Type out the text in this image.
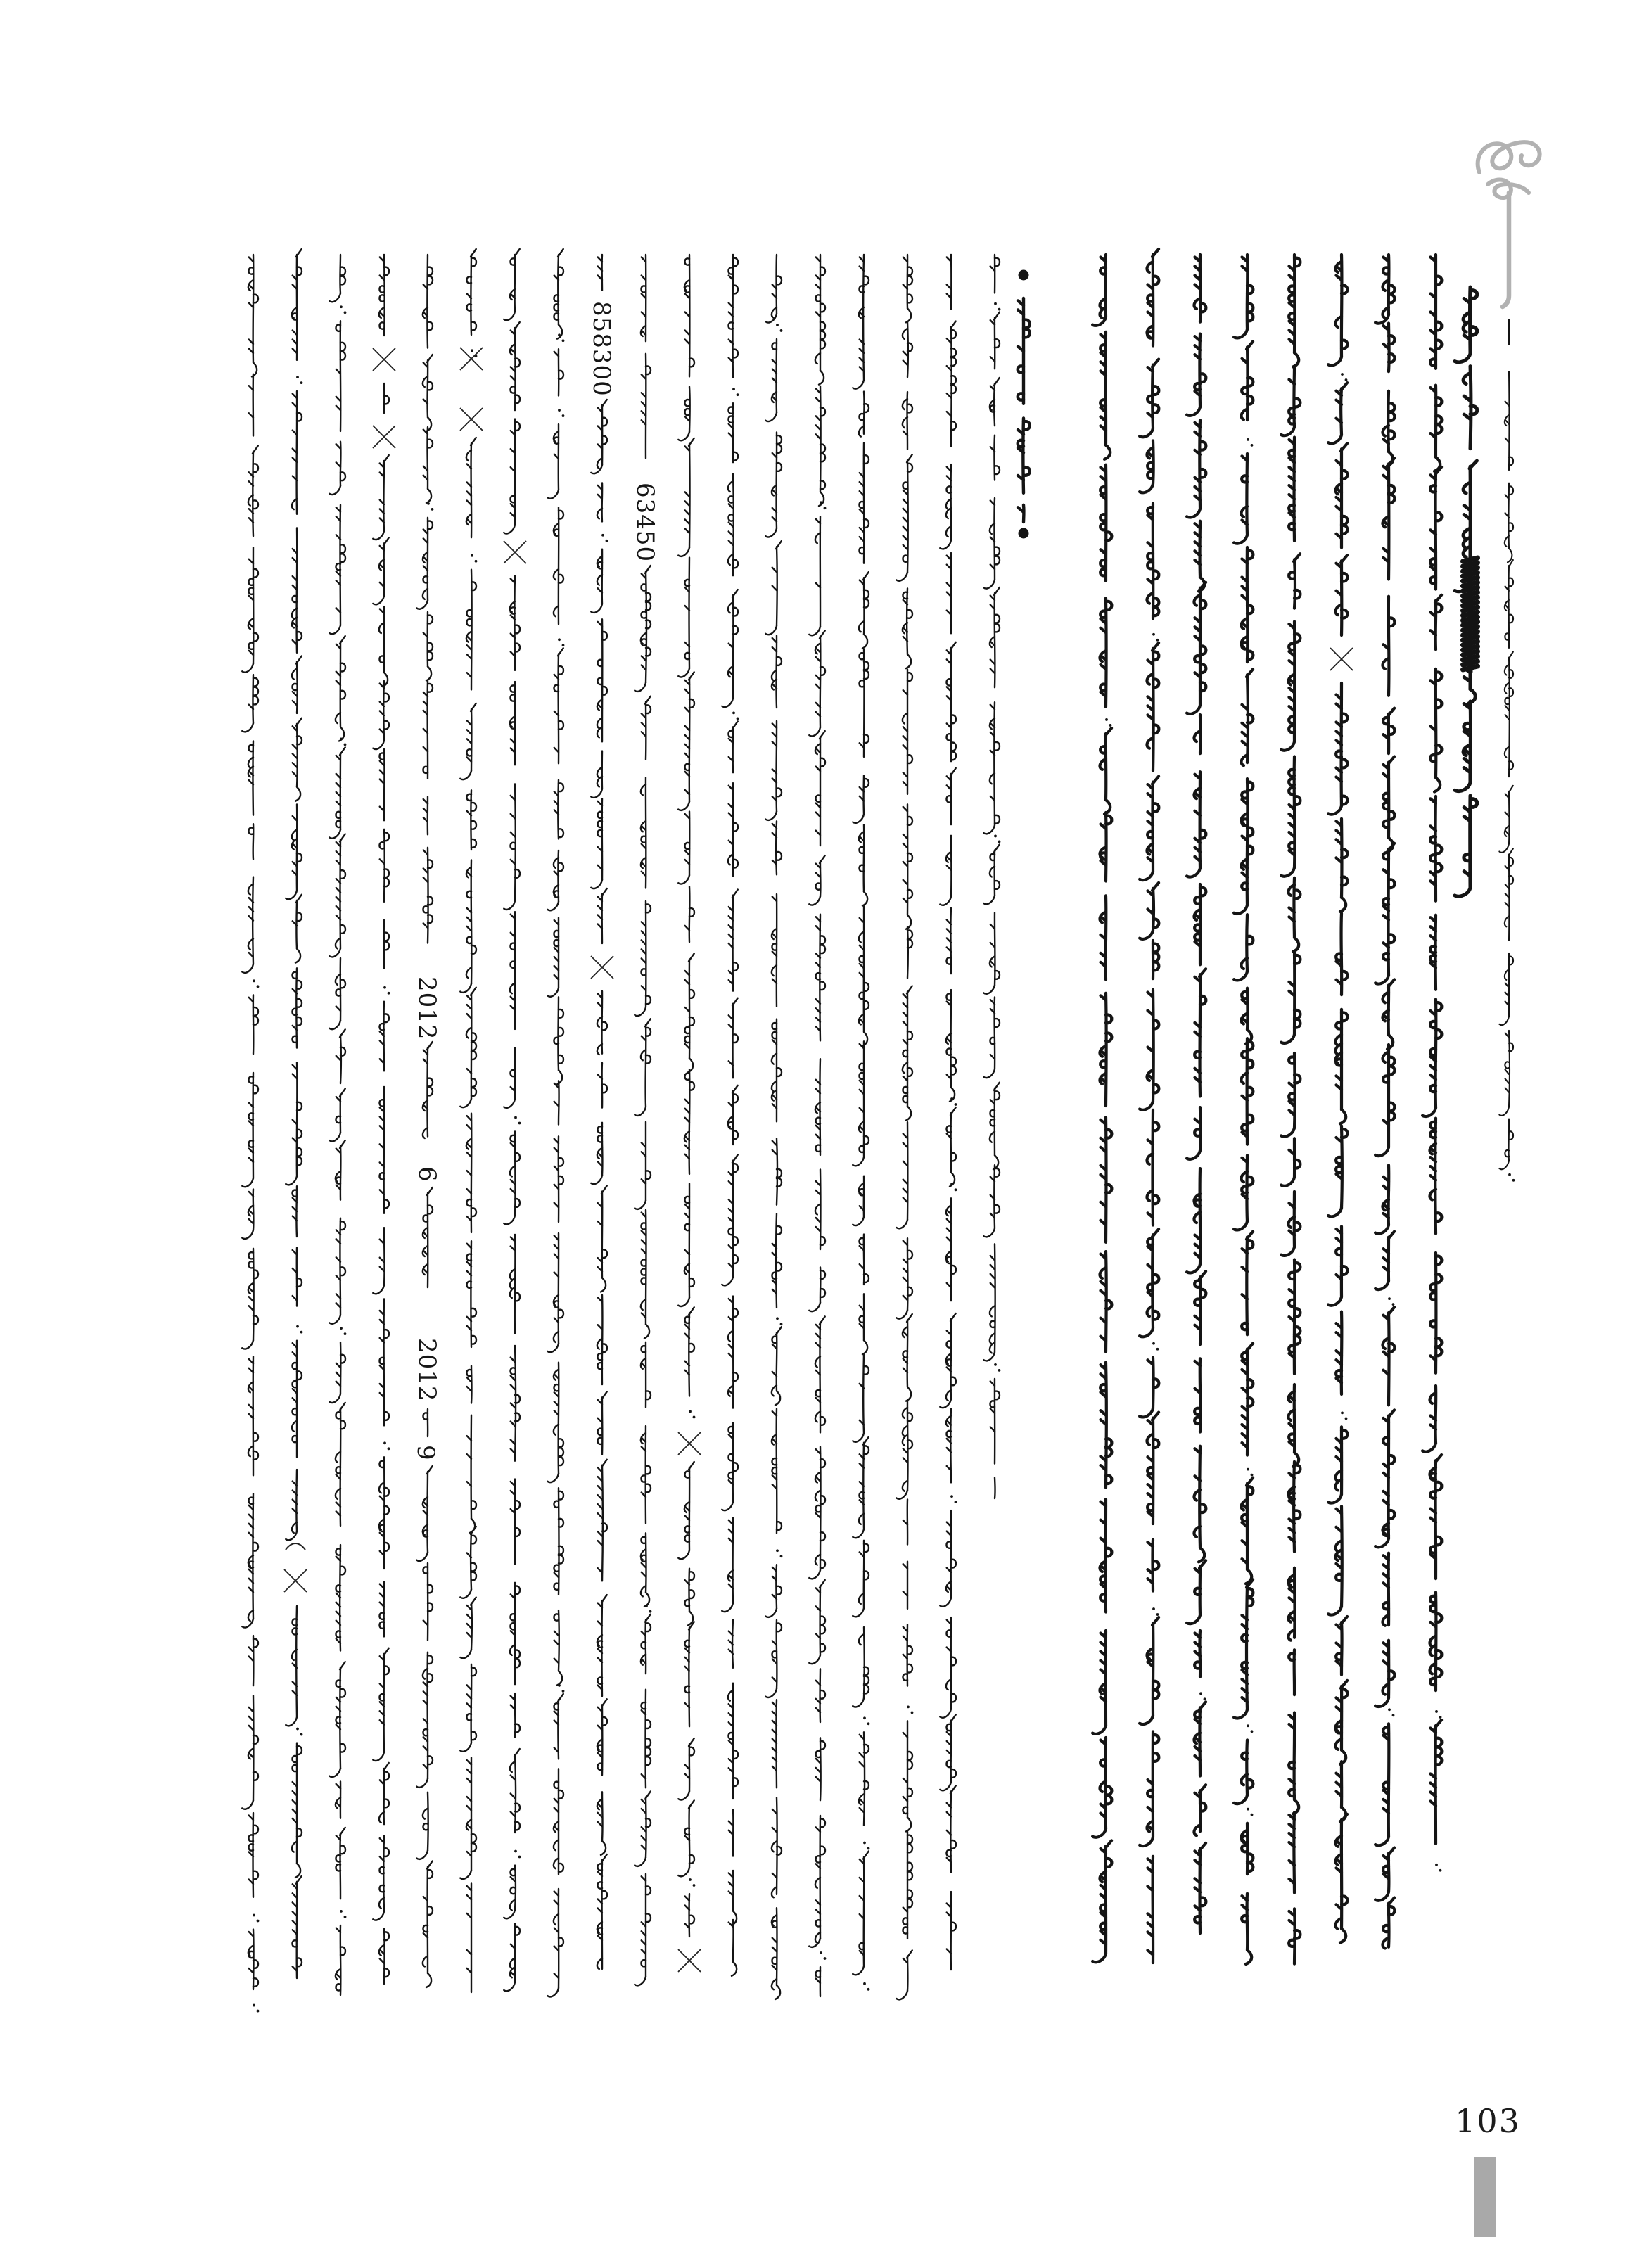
858300
63450
2012
6
2012
9
103
